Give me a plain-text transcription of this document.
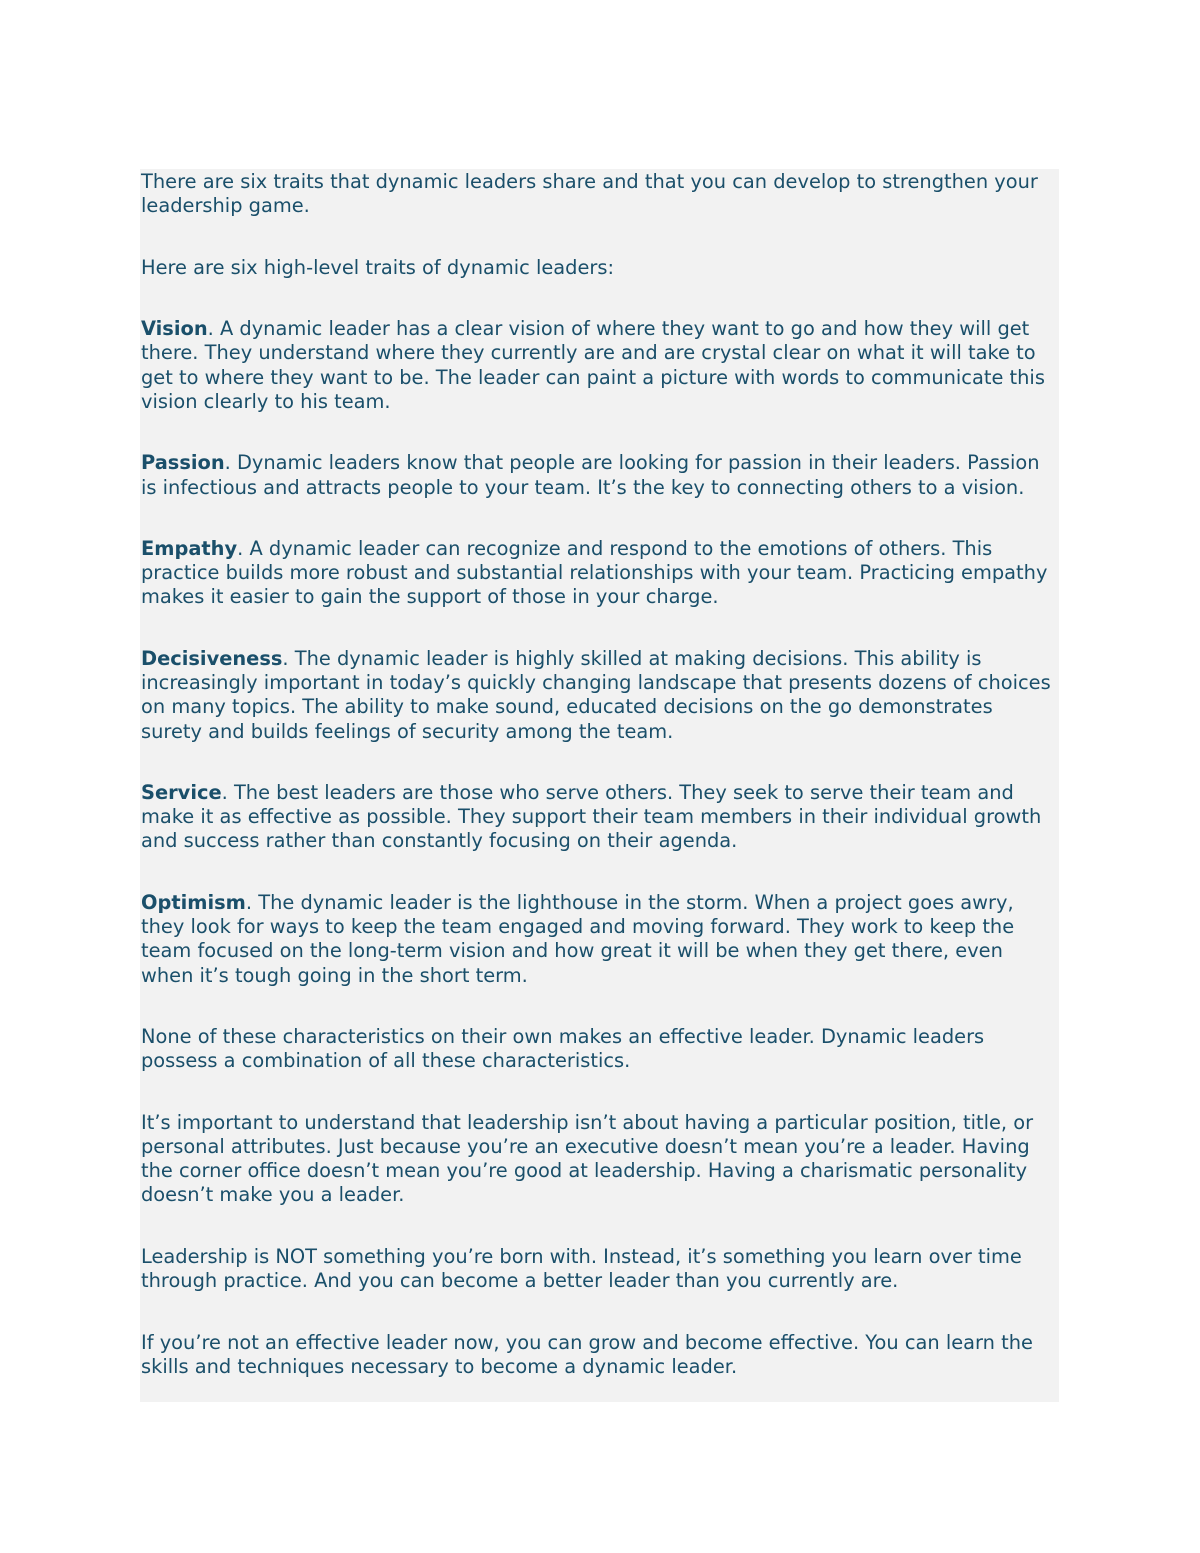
There are six traits that dynamic leaders share and that you can develop to strengthen your leadership game.

Here are six high-level traits of dynamic leaders:

Vision. A dynamic leader has a clear vision of where they want to go and how they will get there. They understand where they currently are and are crystal clear on what it will take to get to where they want to be. The leader can paint a picture with words to communicate this vision clearly to his team.

Passion. Dynamic leaders know that people are looking for passion in their leaders. Passion is infectious and attracts people to your team. It’s the key to connecting others to a vision.

Empathy. A dynamic leader can recognize and respond to the emotions of others. This practice builds more robust and substantial relationships with your team. Practicing empathy makes it easier to gain the support of those in your charge.

Decisiveness. The dynamic leader is highly skilled at making decisions. This ability is increasingly important in today’s quickly changing landscape that presents dozens of choices on many topics. The ability to make sound, educated decisions on the go demonstrates surety and builds feelings of security among the team.

Service. The best leaders are those who serve others. They seek to serve their team and make it as effective as possible. They support their team members in their individual growth and success rather than constantly focusing on their agenda.

Optimism. The dynamic leader is the lighthouse in the storm. When a project goes awry, they look for ways to keep the team engaged and moving forward. They work to keep the team focused on the long-term vision and how great it will be when they get there, even when it’s tough going in the short term.

None of these characteristics on their own makes an effective leader. Dynamic leaders possess a combination of all these characteristics.

It’s important to understand that leadership isn’t about having a particular position, title, or personal attributes. Just because you’re an executive doesn’t mean you’re a leader. Having the corner office doesn’t mean you’re good at leadership. Having a charismatic personality doesn’t make you a leader.

Leadership is NOT something you’re born with. Instead, it’s something you learn over time through practice. And you can become a better leader than you currently are.

If you’re not an effective leader now, you can grow and become effective. You can learn the skills and techniques necessary to become a dynamic leader.
